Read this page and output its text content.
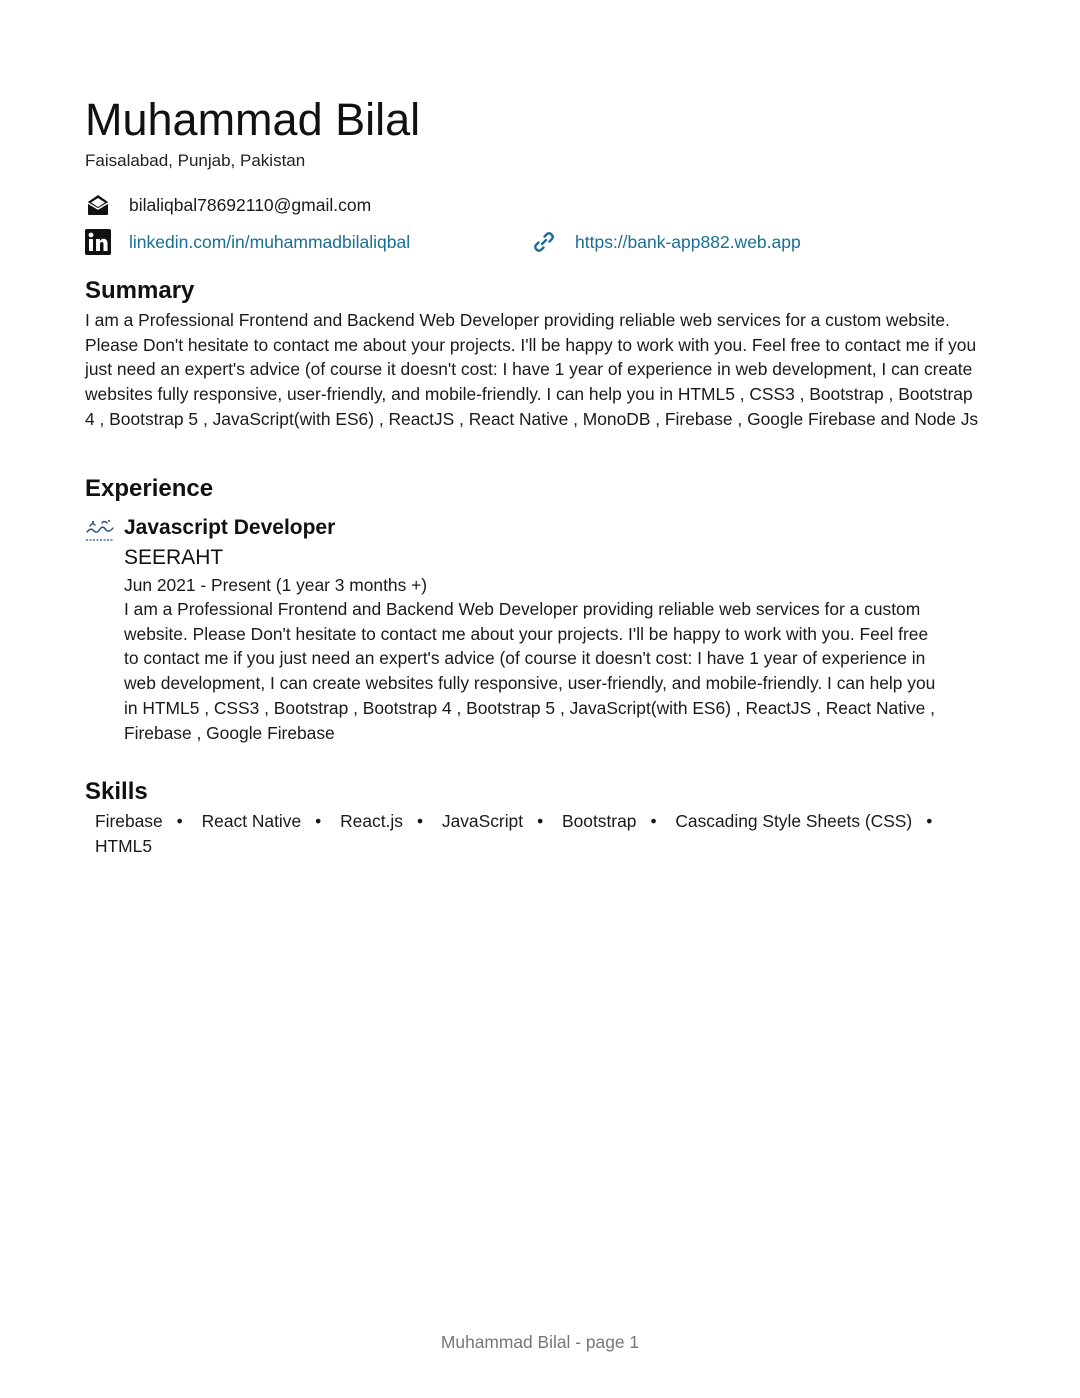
Muhammad Bilal
Faisalabad, Punjab, Pakistan
bilaliqbal78692110@gmail.com
linkedin.com/in/muhammadbilaliqbal	https://bank-app882.web.app
Summary

I am a Professional Frontend and Backend Web Developer providing reliable web services for a custom website. Please Don't hesitate to contact me about your projects. I'll be happy to work with you. Feel free to contact me if you just need an expert's advice (of course it doesn't cost: I have 1 year of experience in web development, I can create websites fully responsive, user-friendly, and mobile-friendly. I can help you in HTML5 , CSS3 , Bootstrap , Bootstrap 4 , Bootstrap 5 , JavaScript(with ES6) , ReactJS , React Native , MonoDB , Firebase , Google Firebase and Node Js

Experience
Javascript Developer
SEERAHT
Jun 2021 - Present (1 year 3 months +)

I am a Professional Frontend and Backend Web Developer providing reliable web services for a custom website. Please Don't hesitate to contact me about your projects. I'll be happy to work with you. Feel free to contact me if you just need an expert's advice (of course it doesn't cost: I have 1 year of experience in web development, I can create websites fully responsive, user-friendly, and mobile-friendly. I can help you in HTML5 , CSS3 , Bootstrap , Bootstrap 4 , Bootstrap 5 , JavaScript(with ES6) , ReactJS , React Native , Firebase , Google Firebase

Skills
Firebase • React Native • React.js • JavaScript • Bootstrap • Cascading Style Sheets (CSS) • HTML5
Muhammad Bilal - page 1
